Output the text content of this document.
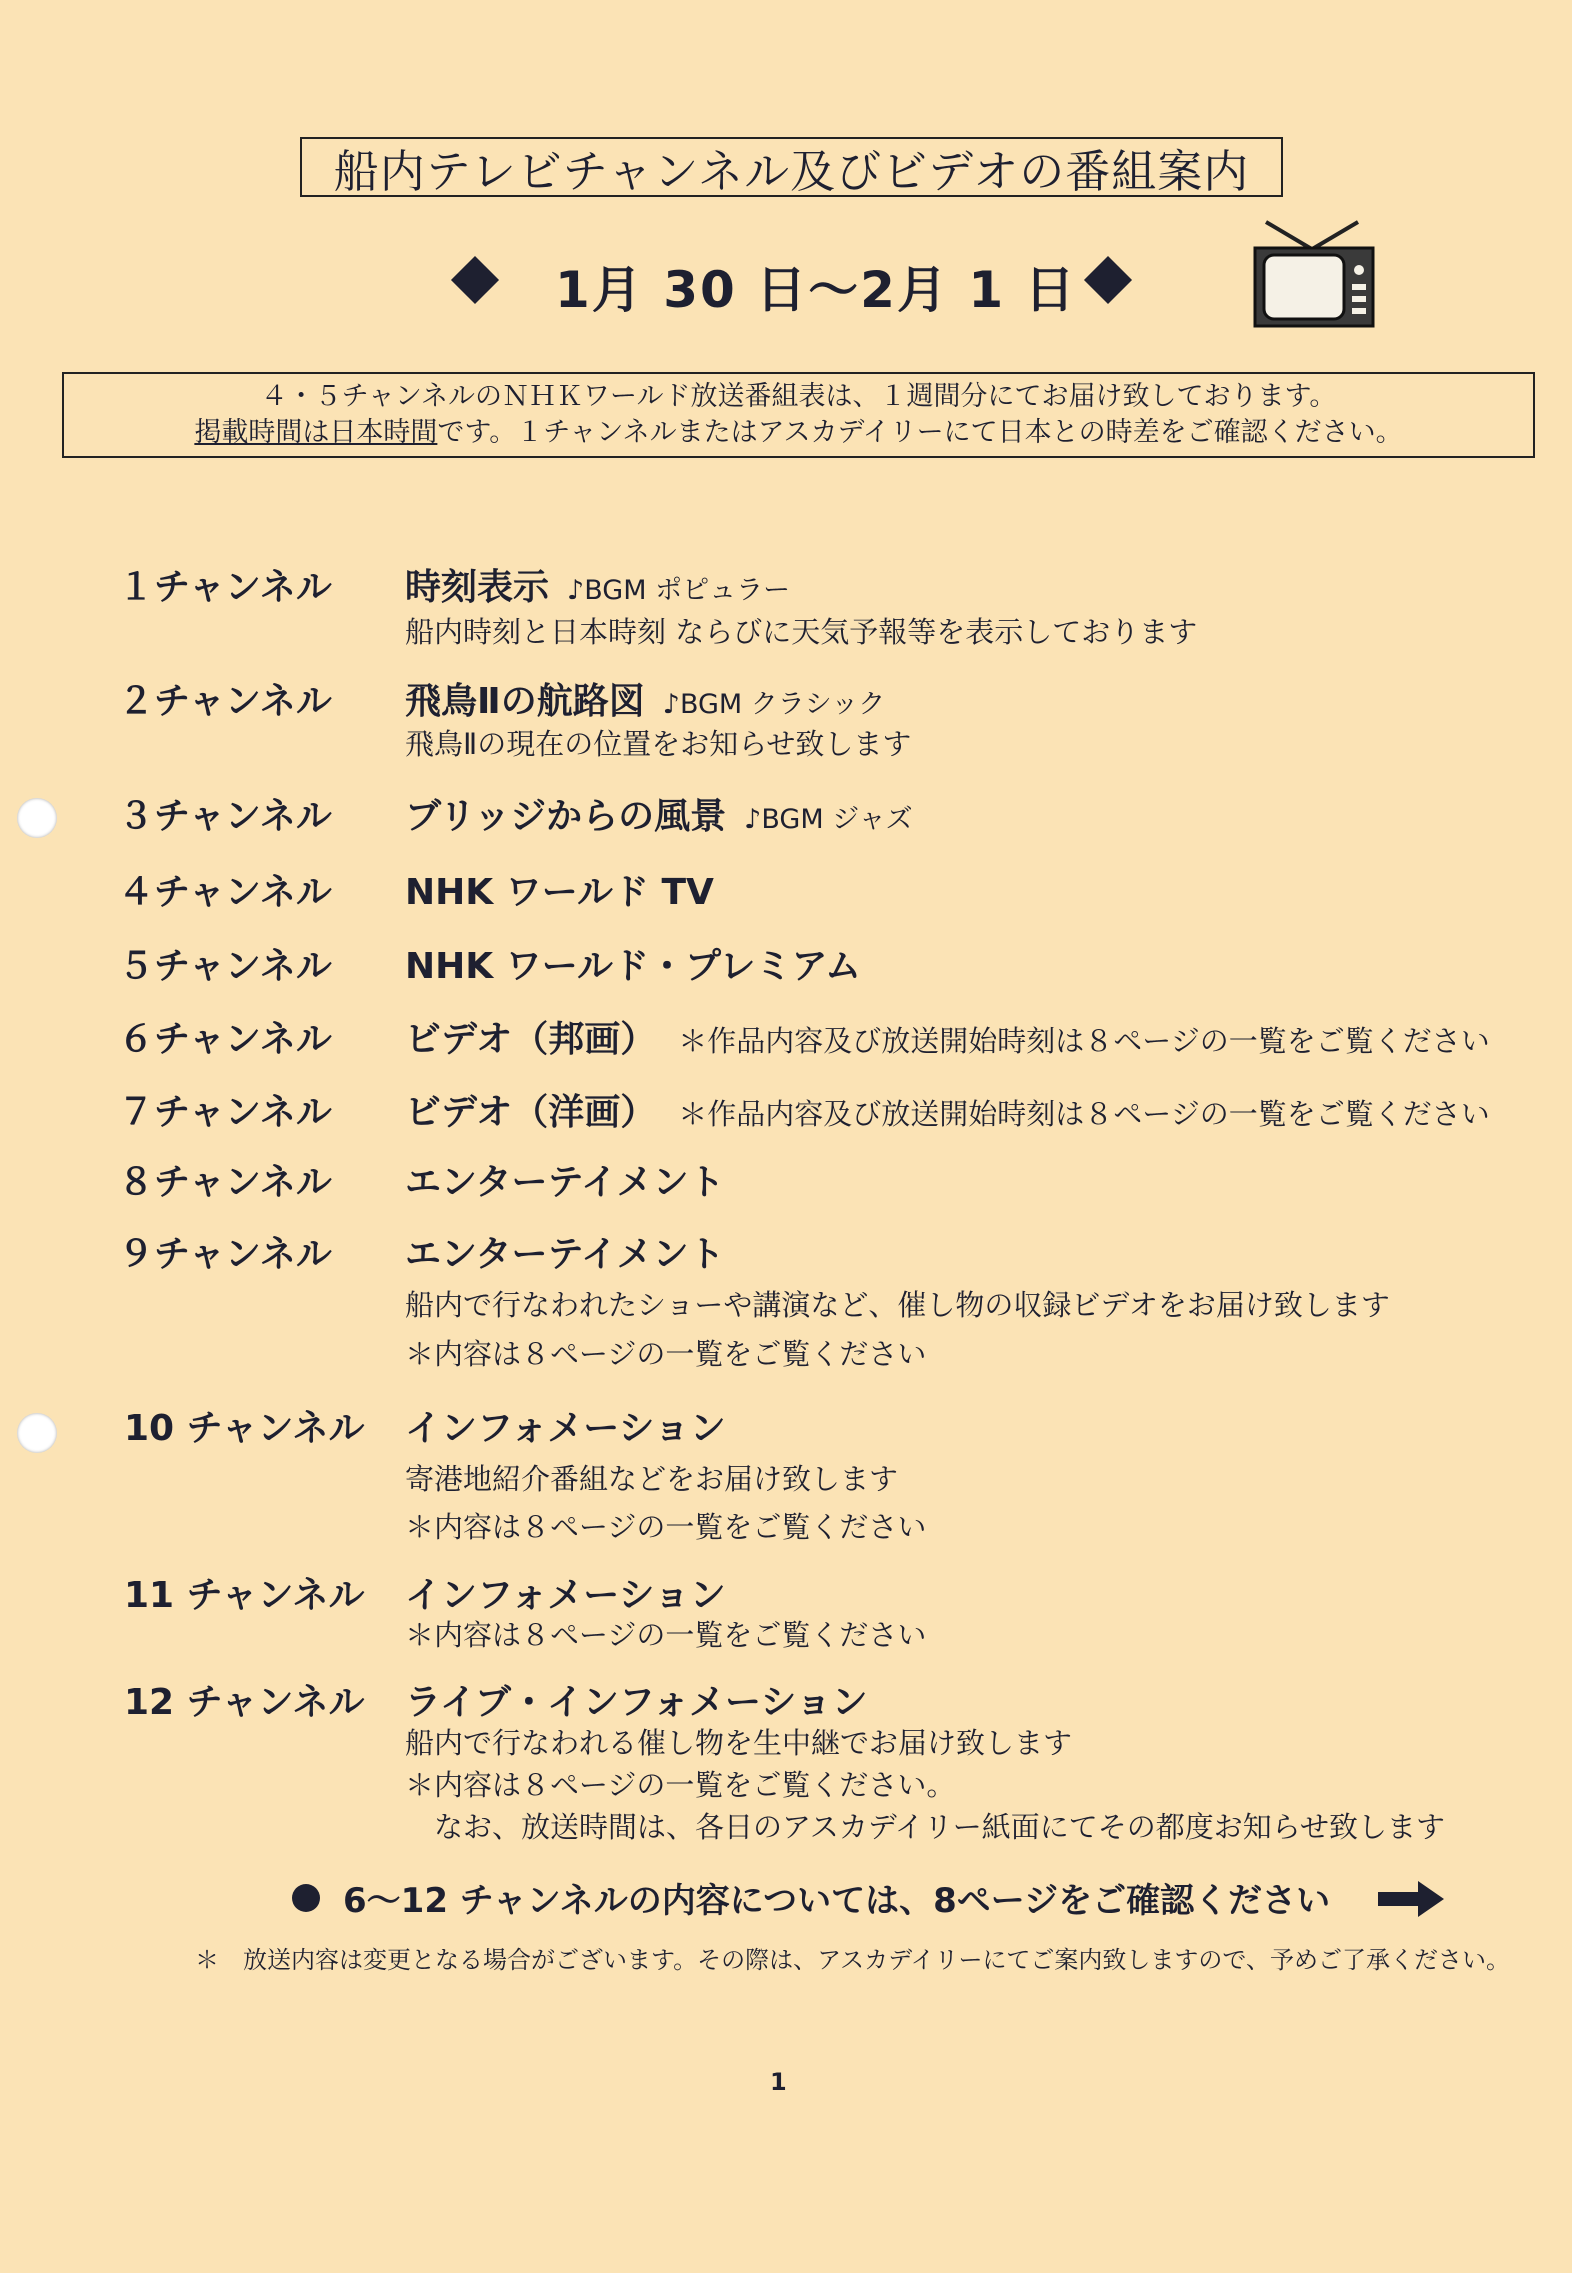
船内テレビチャンネル及びビデオの番組案内
1月 30 日～2月 1 日
４・５チャンネルのＮＨＫワールド放送番組表は、１週間分にてお届け致しております。
掲載時間は日本時間です。１チャンネルまたはアスカデイリーにて日本との時差をご確認ください。
１チャンネル 時刻表示 ♪BGM ポピュラー
船内時刻と日本時刻 ならびに天気予報等を表示しております
２チャンネル 飛鳥Ⅱの航路図 ♪BGM クラシック
飛鳥Ⅱの現在の位置をお知らせ致します
３チャンネル ブリッジからの風景 ♪BGM ジャズ
４チャンネル NHK ワールド TV
５チャンネル NHK ワールド・プレミアム
６チャンネル ビデオ（邦画） ＊作品内容及び放送開始時刻は８ページの一覧をご覧ください
７チャンネル ビデオ（洋画） ＊作品内容及び放送開始時刻は８ページの一覧をご覧ください
８チャンネル エンターテイメント
９チャンネル エンターテイメント
船内で行なわれたショーや講演など、催し物の収録ビデオをお届け致します
＊内容は８ページの一覧をご覧ください
10 チャンネル インフォメーション
寄港地紹介番組などをお届け致します
＊内容は８ページの一覧をご覧ください
11 チャンネル インフォメーション
＊内容は８ページの一覧をご覧ください
12 チャンネル ライブ・インフォメーション
船内で行なわれる催し物を生中継でお届け致します
＊内容は８ページの一覧をご覧ください。
　なお、放送時間は、各日のアスカデイリー紙面にてその都度お知らせ致します
6～12 チャンネルの内容については、8ページをご確認ください
＊　放送内容は変更となる場合がございます。その際は、アスカデイリーにてご案内致しますので、予めご了承ください。
1
